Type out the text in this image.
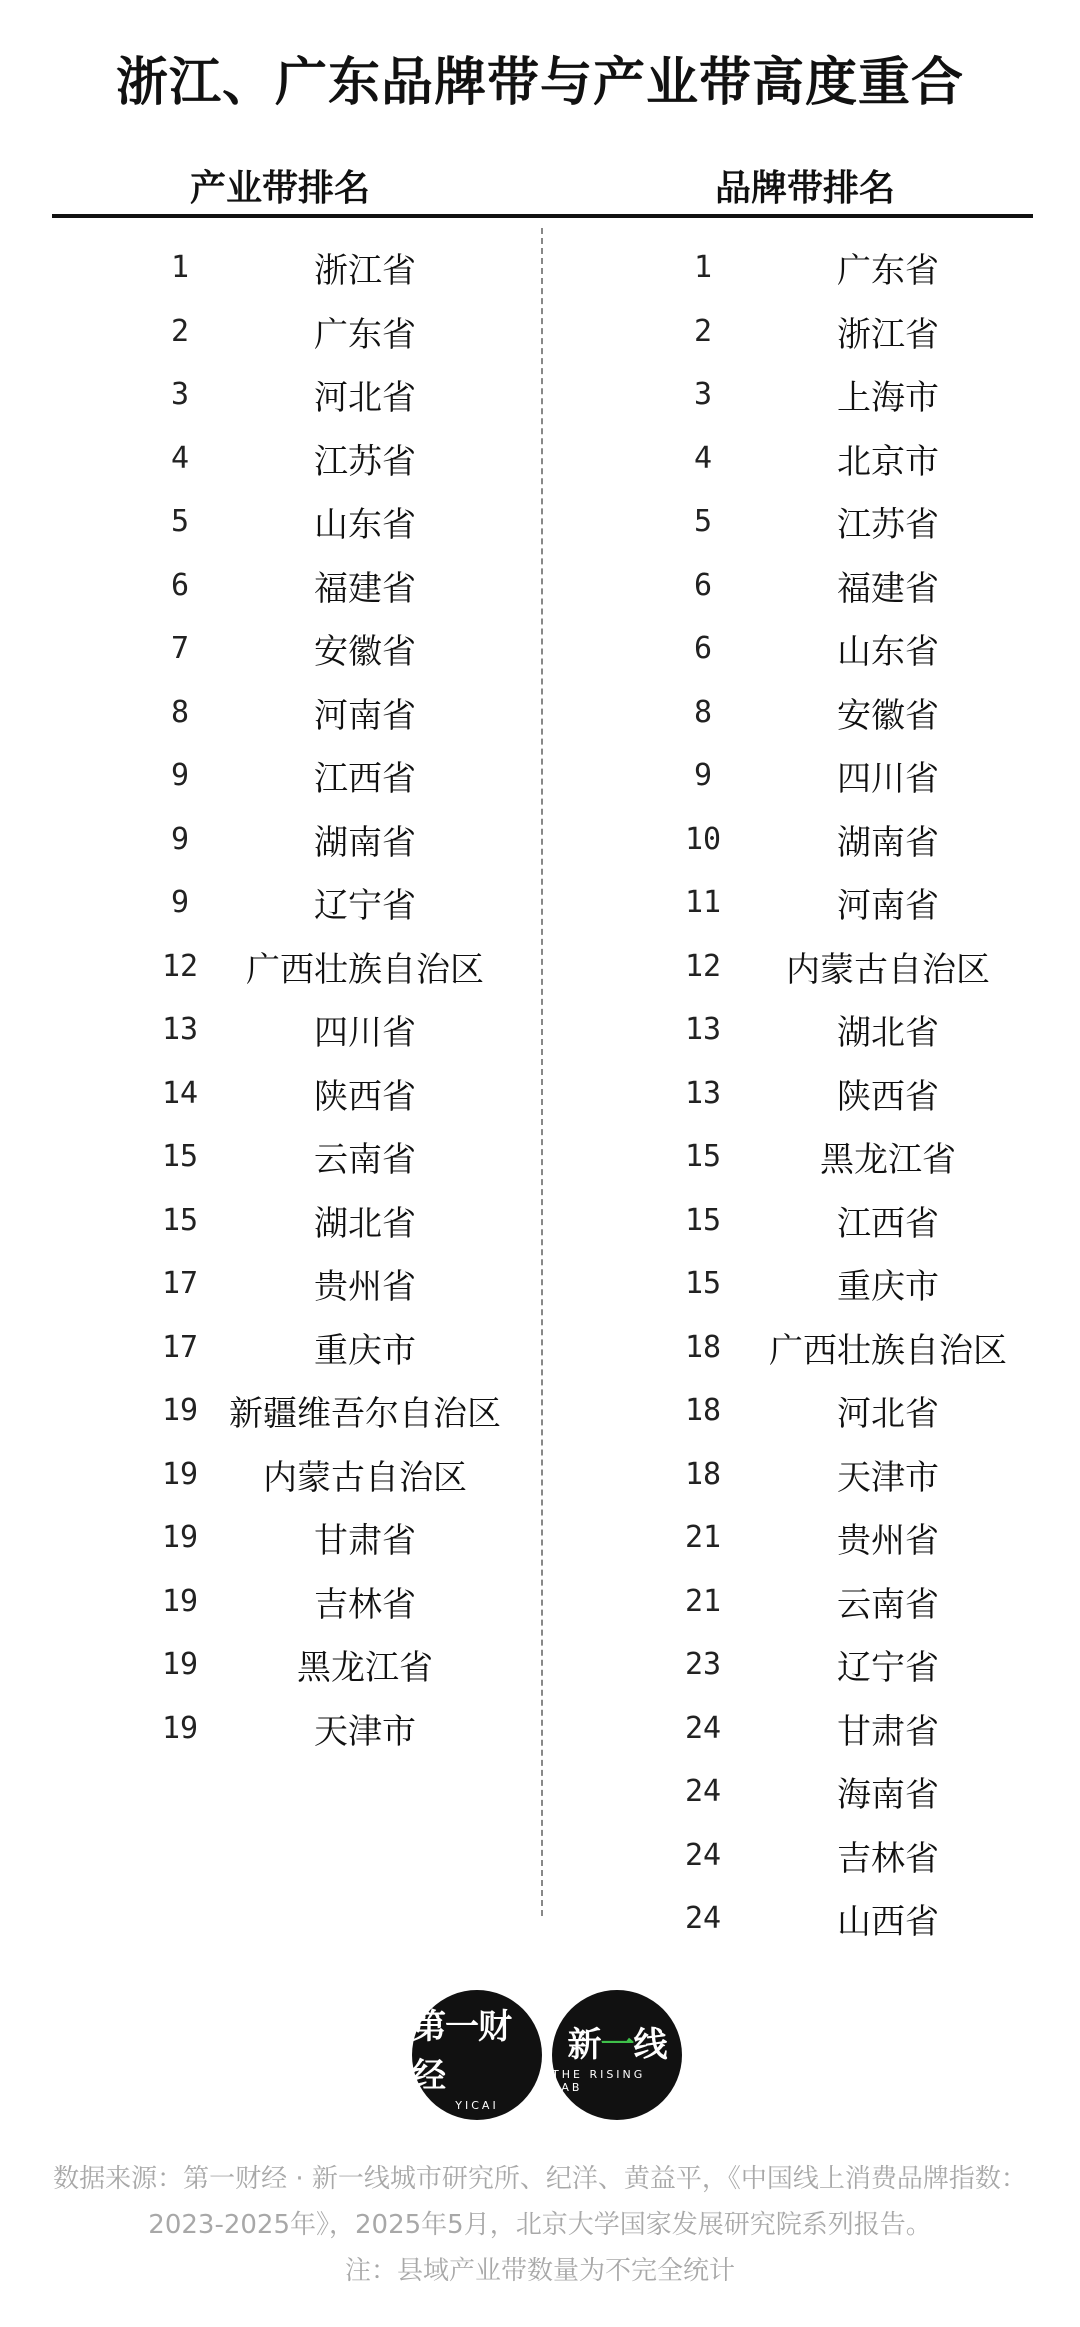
浙江、广东品牌带与产业带高度重合
产业带排名	品牌带排名
1	浙江省
2	广东省
3	河北省
4	江苏省
5	山东省
6	福建省
7	安徽省
8	河南省
9	江西省
9	湖南省
9	辽宁省
12	广西壮族自治区
13	四川省
14	陕西省
15	云南省
15	湖北省
17	贵州省
17	重庆市
19 新疆维吾尔自治区
19	内蒙古自治区
19	甘肃省
19	吉林省
19	黑龙江省
19	天津市
1	广东省
2	浙江省
3	上海市
4	北京市
5	江苏省
6	福建省
6	山东省
8	安徽省
9	四川省
10	湖南省
11	河南省
12	内蒙古自治区
13	湖北省
13	陕西省
15	黑龙江省
15	江西省
15	重庆市
18	广西壮族自治区
18	河北省
18	天津市
21	贵州省
21	云南省
23	辽宁省
24	甘肃省
24	海南省
24	吉林省
24	山西省
第一财经
YICAI
新一线
THE RISING LAB
数据来源：第一财经 · 新一线城市研究所、纪洋、黄益平，《中国线上消费品牌指数：
2023-2025年》，2025年5月，北京大学国家发展研究院系列报告。
注：县域产业带数量为不完全统计
